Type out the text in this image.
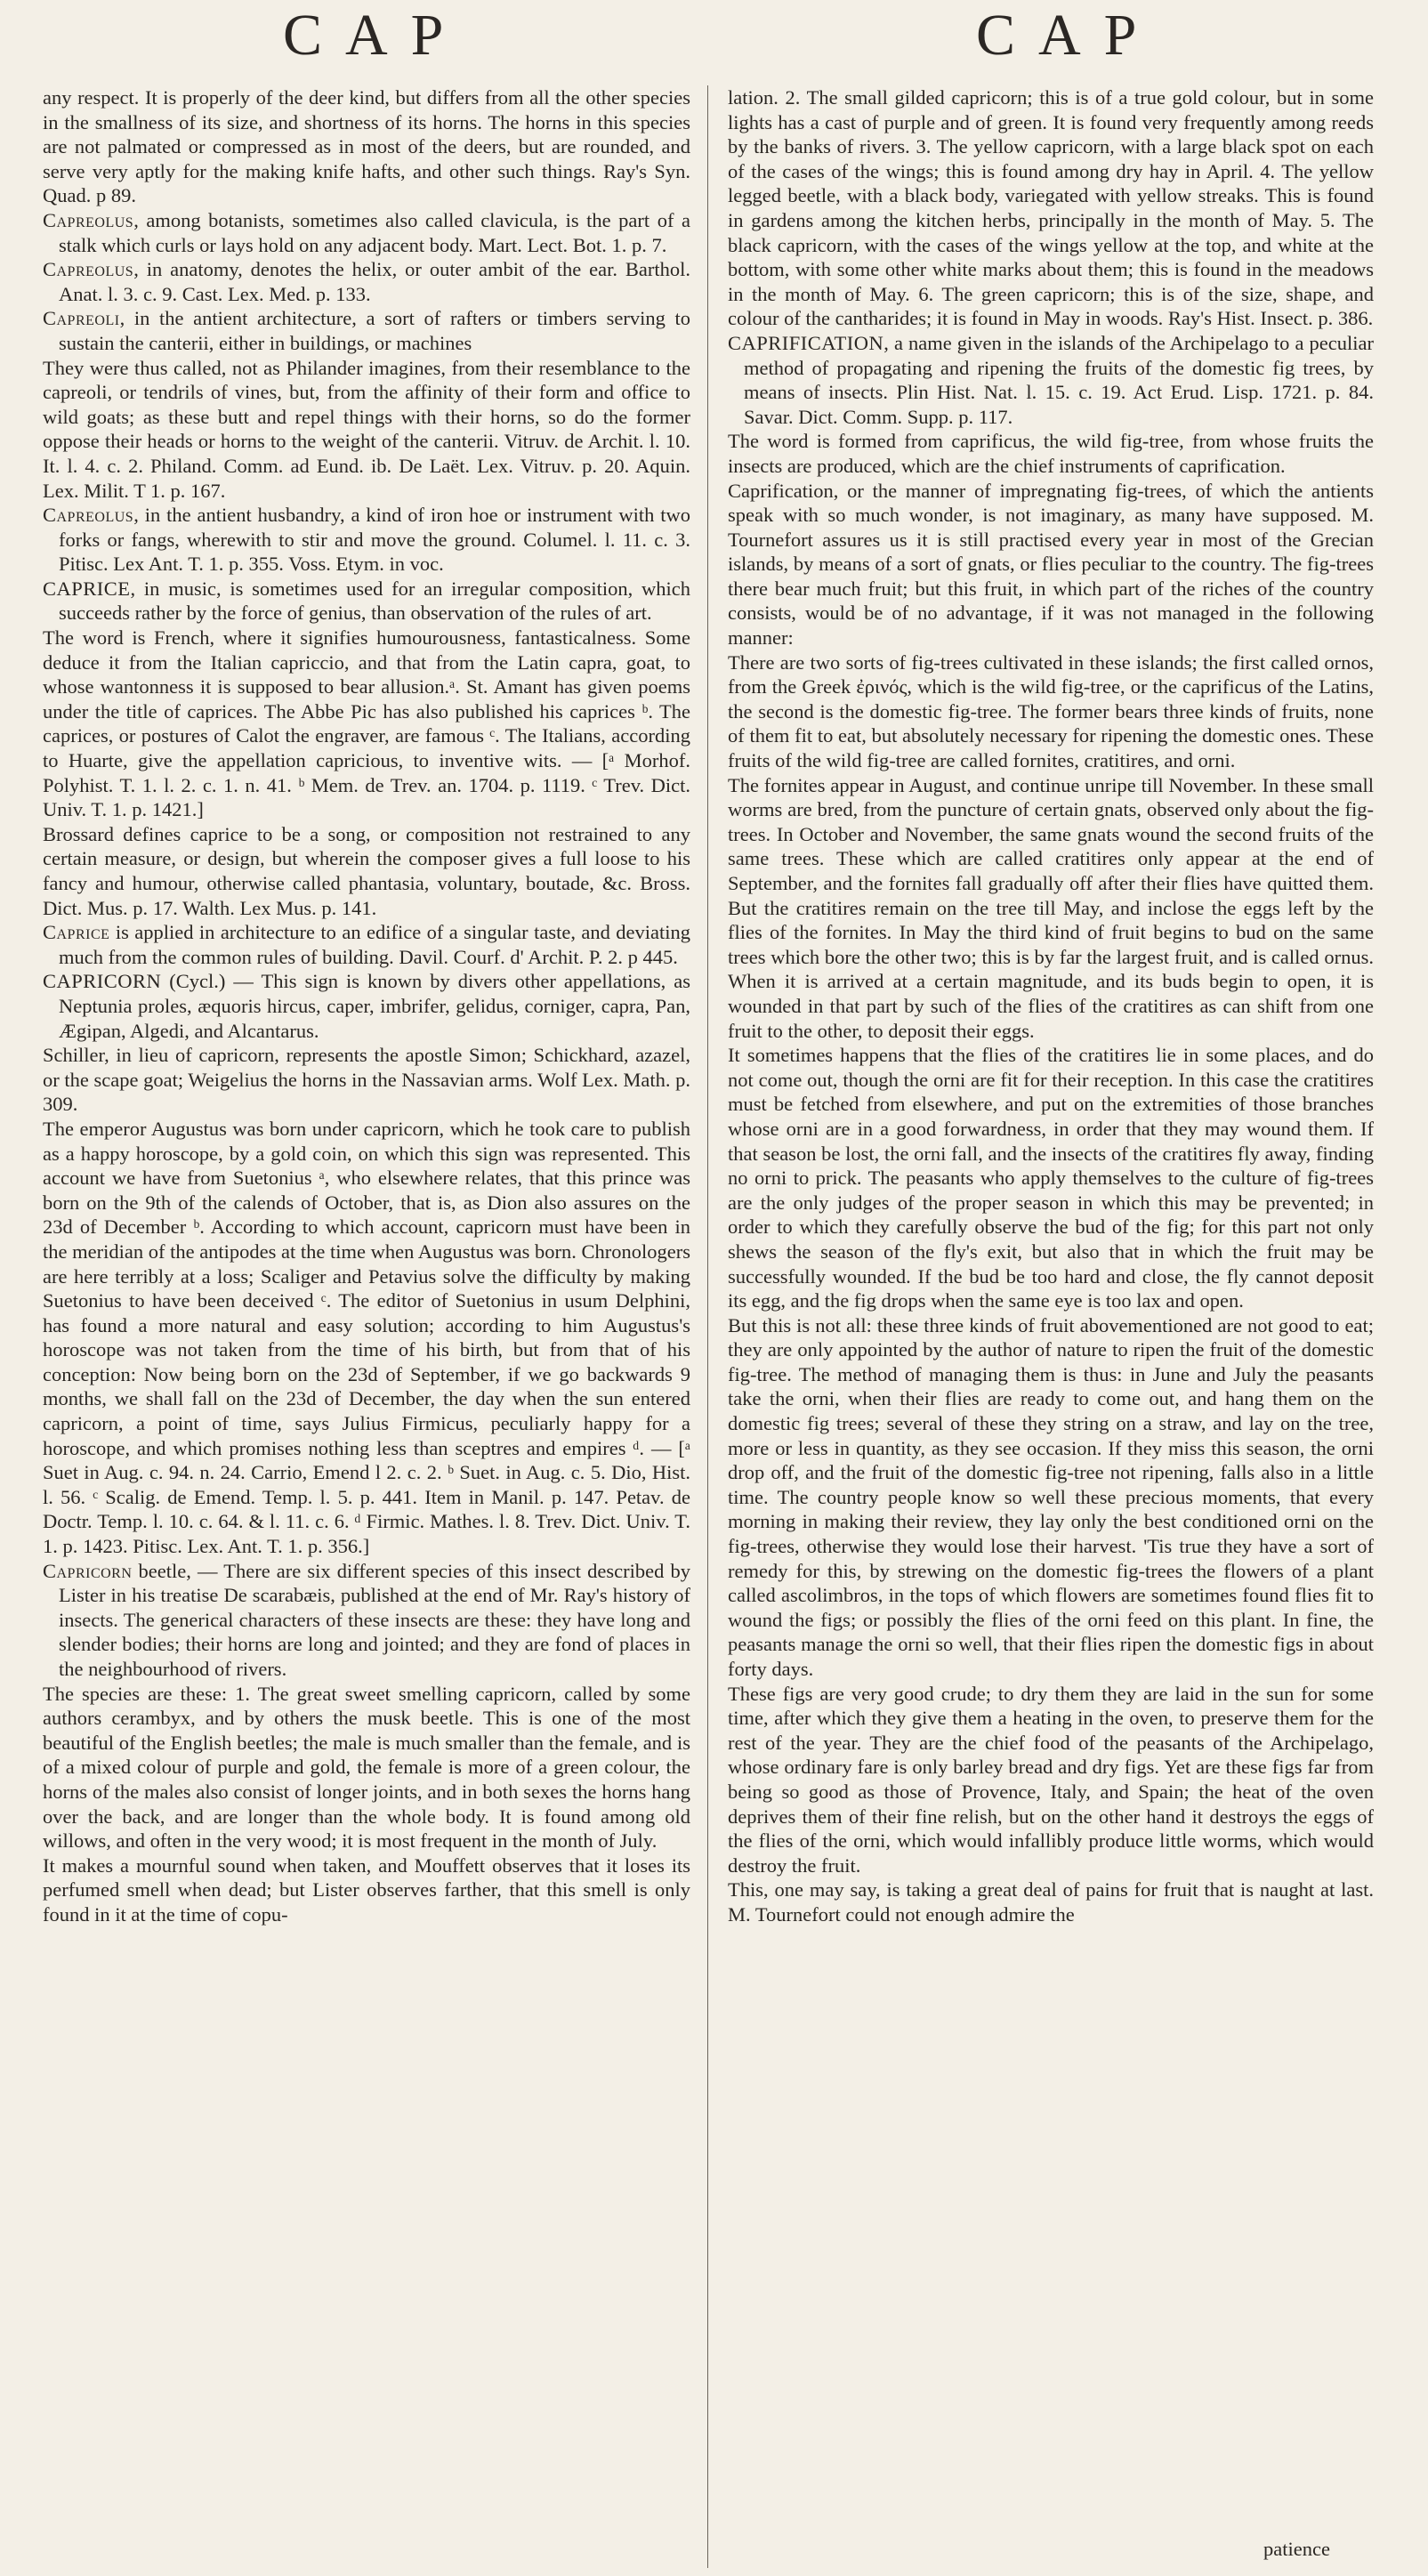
CAP	CAP

any respect. It is properly of the deer kind, but differs from all the other species in the smallness of its size, and shortness of its horns. The horns in this species are not palmated or compressed as in most of the deers, but are rounded, and serve very aptly for the making knife hafts, and other such things. Ray's Syn. Quad. p 89.

Capreolus, among botanists, sometimes also called clavicula, is the part of a stalk which curls or lays hold on any adjacent body. Mart. Lect. Bot. 1. p. 7.

Capreolus, in anatomy, denotes the helix, or outer ambit of the ear. Barthol. Anat. l. 3. c. 9. Cast. Lex. Med. p. 133.

Capreoli, in the antient architecture, a sort of rafters or timbers serving to sustain the canterii, either in buildings, or machines

They were thus called, not as Philander imagines, from their resemblance to the capreoli, or tendrils of vines, but, from the affinity of their form and office to wild goats; as these butt and repel things with their horns, so do the former oppose their heads or horns to the weight of the canterii. Vitruv. de Archit. l. 10. It. l. 4. c. 2. Philand. Comm. ad Eund. ib. De Laët. Lex. Vitruv. p. 20. Aquin. Lex. Milit. T 1. p. 167.

Capreolus, in the antient husbandry, a kind of iron hoe or instrument with two forks or fangs, wherewith to stir and move the ground. Columel. l. 11. c. 3. Pitisc. Lex Ant. T. 1. p. 355. Voss. Etym. in voc.

CAPRICE, in music, is sometimes used for an irregular composition, which succeeds rather by the force of genius, than observation of the rules of art.

The word is French, where it signifies humourousness, fantasticalness. Some deduce it from the Italian capriccio, and that from the Latin capra, goat, to whose wantonness it is supposed to bear allusion.ᵃ. St. Amant has given poems under the title of caprices. The Abbe Pic has also published his caprices ᵇ. The caprices, or postures of Calot the engraver, are famous ᶜ. The Italians, according to Huarte, give the appellation capricious, to inventive wits. — [ᵃ Morhof. Polyhist. T. 1. l. 2. c. 1. n. 41. ᵇ Mem. de Trev. an. 1704. p. 1119. ᶜ Trev. Dict. Univ. T. 1. p. 1421.]

Brossard defines caprice to be a song, or composition not restrained to any certain measure, or design, but wherein the composer gives a full loose to his fancy and humour, otherwise called phantasia, voluntary, boutade, &c. Bross. Dict. Mus. p. 17. Walth. Lex Mus. p. 141.

Caprice is applied in architecture to an edifice of a singular taste, and deviating much from the common rules of building. Davil. Courf. d' Archit. P. 2. p 445.

CAPRICORN (Cycl.) — This sign is known by divers other appellations, as Neptunia proles, æquoris hircus, caper, imbrifer, gelidus, corniger, capra, Pan, Ægipan, Algedi, and Alcantarus.

Schiller, in lieu of capricorn, represents the apostle Simon; Schickhard, azazel, or the scape goat; Weigelius the horns in the Nassavian arms. Wolf Lex. Math. p. 309.

The emperor Augustus was born under capricorn, which he took care to publish as a happy horoscope, by a gold coin, on which this sign was represented. This account we have from Suetonius ᵃ, who elsewhere relates, that this prince was born on the 9th of the calends of October, that is, as Dion also assures on the 23d of December ᵇ. According to which account, capricorn must have been in the meridian of the antipodes at the time when Augustus was born. Chronologers are here terribly at a loss; Scaliger and Petavius solve the difficulty by making Suetonius to have been deceived ᶜ. The editor of Suetonius in usum Delphini, has found a more natural and easy solution; according to him Augustus's horoscope was not taken from the time of his birth, but from that of his conception: Now being born on the 23d of September, if we go backwards 9 months, we shall fall on the 23d of December, the day when the sun entered capricorn, a point of time, says Julius Firmicus, peculiarly happy for a horoscope, and which promises nothing less than sceptres and empires ᵈ. — [ᵃ Suet in Aug. c. 94. n. 24. Carrio, Emend l 2. c. 2. ᵇ Suet. in Aug. c. 5. Dio, Hist. l. 56. ᶜ Scalig. de Emend. Temp. l. 5. p. 441. Item in Manil. p. 147. Petav. de Doctr. Temp. l. 10. c. 64. & l. 11. c. 6. ᵈ Firmic. Mathes. l. 8. Trev. Dict. Univ. T. 1. p. 1423. Pitisc. Lex. Ant. T. 1. p. 356.]

Capricorn beetle, — There are six different species of this insect described by Lister in his treatise De scarabæis, published at the end of Mr. Ray's history of insects. The generical characters of these insects are these: they have long and slender bodies; their horns are long and jointed; and they are fond of places in the neighbourhood of rivers.

The species are these: 1. The great sweet smelling capricorn, called by some authors cerambyx, and by others the musk beetle. This is one of the most beautiful of the English beetles; the male is much smaller than the female, and is of a mixed colour of purple and gold, the female is more of a green colour, the horns of the males also consist of longer joints, and in both sexes the horns hang over the back, and are longer than the whole body. It is found among old willows, and often in the very wood; it is most frequent in the month of July.

It makes a mournful sound when taken, and Mouffett observes that it loses its perfumed smell when dead; but Lister observes farther, that this smell is only found in it at the time of copu-

lation. 2. The small gilded capricorn; this is of a true gold colour, but in some lights has a cast of purple and of green. It is found very frequently among reeds by the banks of rivers. 3. The yellow capricorn, with a large black spot on each of the cases of the wings; this is found among dry hay in April. 4. The yellow legged beetle, with a black body, variegated with yellow streaks. This is found in gardens among the kitchen herbs, principally in the month of May. 5. The black capricorn, with the cases of the wings yellow at the top, and white at the bottom, with some other white marks about them; this is found in the meadows in the month of May. 6. The green capricorn; this is of the size, shape, and colour of the cantharides; it is found in May in woods. Ray's Hist. Insect. p. 386.

CAPRIFICATION, a name given in the islands of the Archipelago to a peculiar method of propagating and ripening the fruits of the domestic fig trees, by means of insects. Plin Hist. Nat. l. 15. c. 19. Act Erud. Lisp. 1721. p. 84. Savar. Dict. Comm. Supp. p. 117.

The word is formed from caprificus, the wild fig-tree, from whose fruits the insects are produced, which are the chief instruments of caprification.

Caprification, or the manner of impregnating fig-trees, of which the antients speak with so much wonder, is not imaginary, as many have supposed. M. Tournefort assures us it is still practised every year in most of the Grecian islands, by means of a sort of gnats, or flies peculiar to the country. The fig-trees there bear much fruit; but this fruit, in which part of the riches of the country consists, would be of no advantage, if it was not managed in the following manner:

There are two sorts of fig-trees cultivated in these islands; the first called ornos, from the Greek ἐρινός, which is the wild fig-tree, or the caprificus of the Latins, the second is the domestic fig-tree. The former bears three kinds of fruits, none of them fit to eat, but absolutely necessary for ripening the domestic ones. These fruits of the wild fig-tree are called fornites, cratitires, and orni.

The fornites appear in August, and continue unripe till November. In these small worms are bred, from the puncture of certain gnats, observed only about the fig-trees. In October and November, the same gnats wound the second fruits of the same trees. These which are called cratitires only appear at the end of September, and the fornites fall gradually off after their flies have quitted them. But the cratitires remain on the tree till May, and inclose the eggs left by the flies of the fornites. In May the third kind of fruit begins to bud on the same trees which bore the other two; this is by far the largest fruit, and is called ornus. When it is arrived at a certain magnitude, and its buds begin to open, it is wounded in that part by such of the flies of the cratitires as can shift from one fruit to the other, to deposit their eggs.

It sometimes happens that the flies of the cratitires lie in some places, and do not come out, though the orni are fit for their reception. In this case the cratitires must be fetched from elsewhere, and put on the extremities of those branches whose orni are in a good forwardness, in order that they may wound them. If that season be lost, the orni fall, and the insects of the cratitires fly away, finding no orni to prick. The peasants who apply themselves to the culture of fig-trees are the only judges of the proper season in which this may be prevented; in order to which they carefully observe the bud of the fig; for this part not only shews the season of the fly's exit, but also that in which the fruit may be successfully wounded. If the bud be too hard and close, the fly cannot deposit its egg, and the fig drops when the same eye is too lax and open.

But this is not all: these three kinds of fruit abovementioned are not good to eat; they are only appointed by the author of nature to ripen the fruit of the domestic fig-tree. The method of managing them is thus: in June and July the peasants take the orni, when their flies are ready to come out, and hang them on the domestic fig trees; several of these they string on a straw, and lay on the tree, more or less in quantity, as they see occasion. If they miss this season, the orni drop off, and the fruit of the domestic fig-tree not ripening, falls also in a little time. The country people know so well these precious moments, that every morning in making their review, they lay only the best conditioned orni on the fig-trees, otherwise they would lose their harvest. 'Tis true they have a sort of remedy for this, by strewing on the domestic fig-trees the flowers of a plant called ascolimbros, in the tops of which flowers are sometimes found flies fit to wound the figs; or possibly the flies of the orni feed on this plant. In fine, the peasants manage the orni so well, that their flies ripen the domestic figs in about forty days.

These figs are very good crude; to dry them they are laid in the sun for some time, after which they give them a heating in the oven, to preserve them for the rest of the year. They are the chief food of the peasants of the Archipelago, whose ordinary fare is only barley bread and dry figs. Yet are these figs far from being so good as those of Provence, Italy, and Spain; the heat of the oven deprives them of their fine relish, but on the other hand it destroys the eggs of the flies of the orni, which would infallibly produce little worms, which would destroy the fruit.

This, one may say, is taking a great deal of pains for fruit that is naught at last. M. Tournefort could not enough admire the

patience
